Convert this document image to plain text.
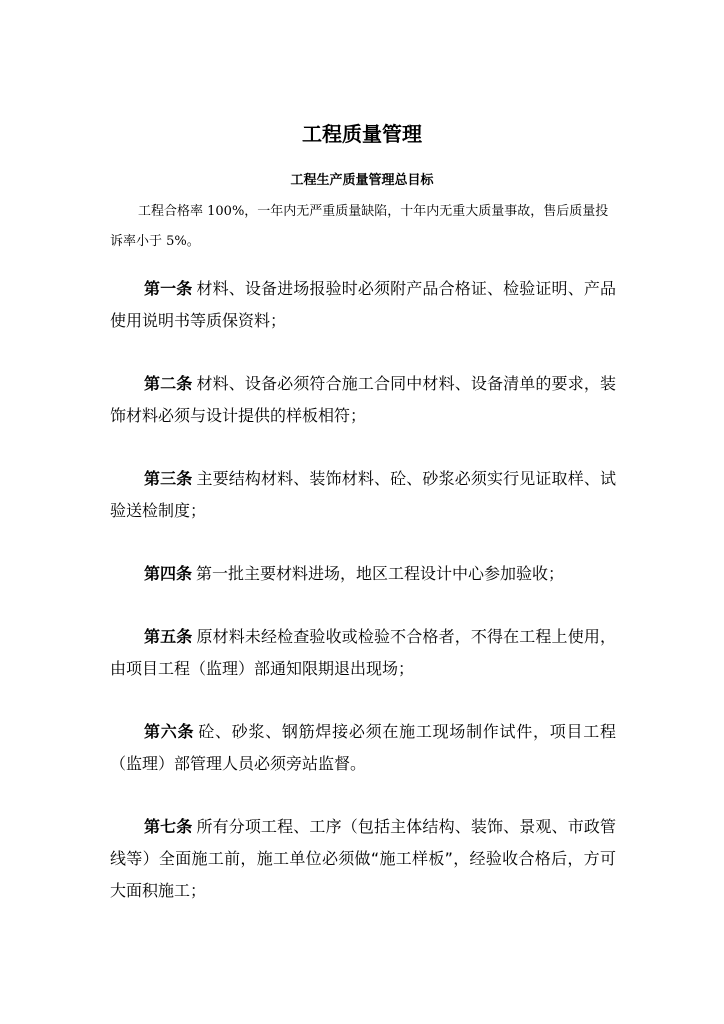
工程质量管理
工程生产质量管理总目标

工程合格率 100%，一年内无严重质量缺陷，十年内无重大质量事故，售后质量投诉率小于 5%。

第一条 材料、设备进场报验时必须附产品合格证、检验证明、产品使用说明书等质保资料；

第二条 材料、设备必须符合施工合同中材料、设备清单的要求，装饰材料必须与设计提供的样板相符；

第三条 主要结构材料、装饰材料、砼、砂浆必须实行见证取样、试验送检制度；

第四条 第一批主要材料进场，地区工程设计中心参加验收；

第五条 原材料未经检查验收或检验不合格者，不得在工程上使用，由项目工程（监理）部通知限期退出现场；

第六条 砼、砂浆、钢筋焊接必须在施工现场制作试件，项目工程（监理）部管理人员必须旁站监督。

第七条 所有分项工程、工序（包括主体结构、装饰、景观、市政管线等）全面施工前，施工单位必须做“施工样板”，经验收合格后，方可大面积施工；
